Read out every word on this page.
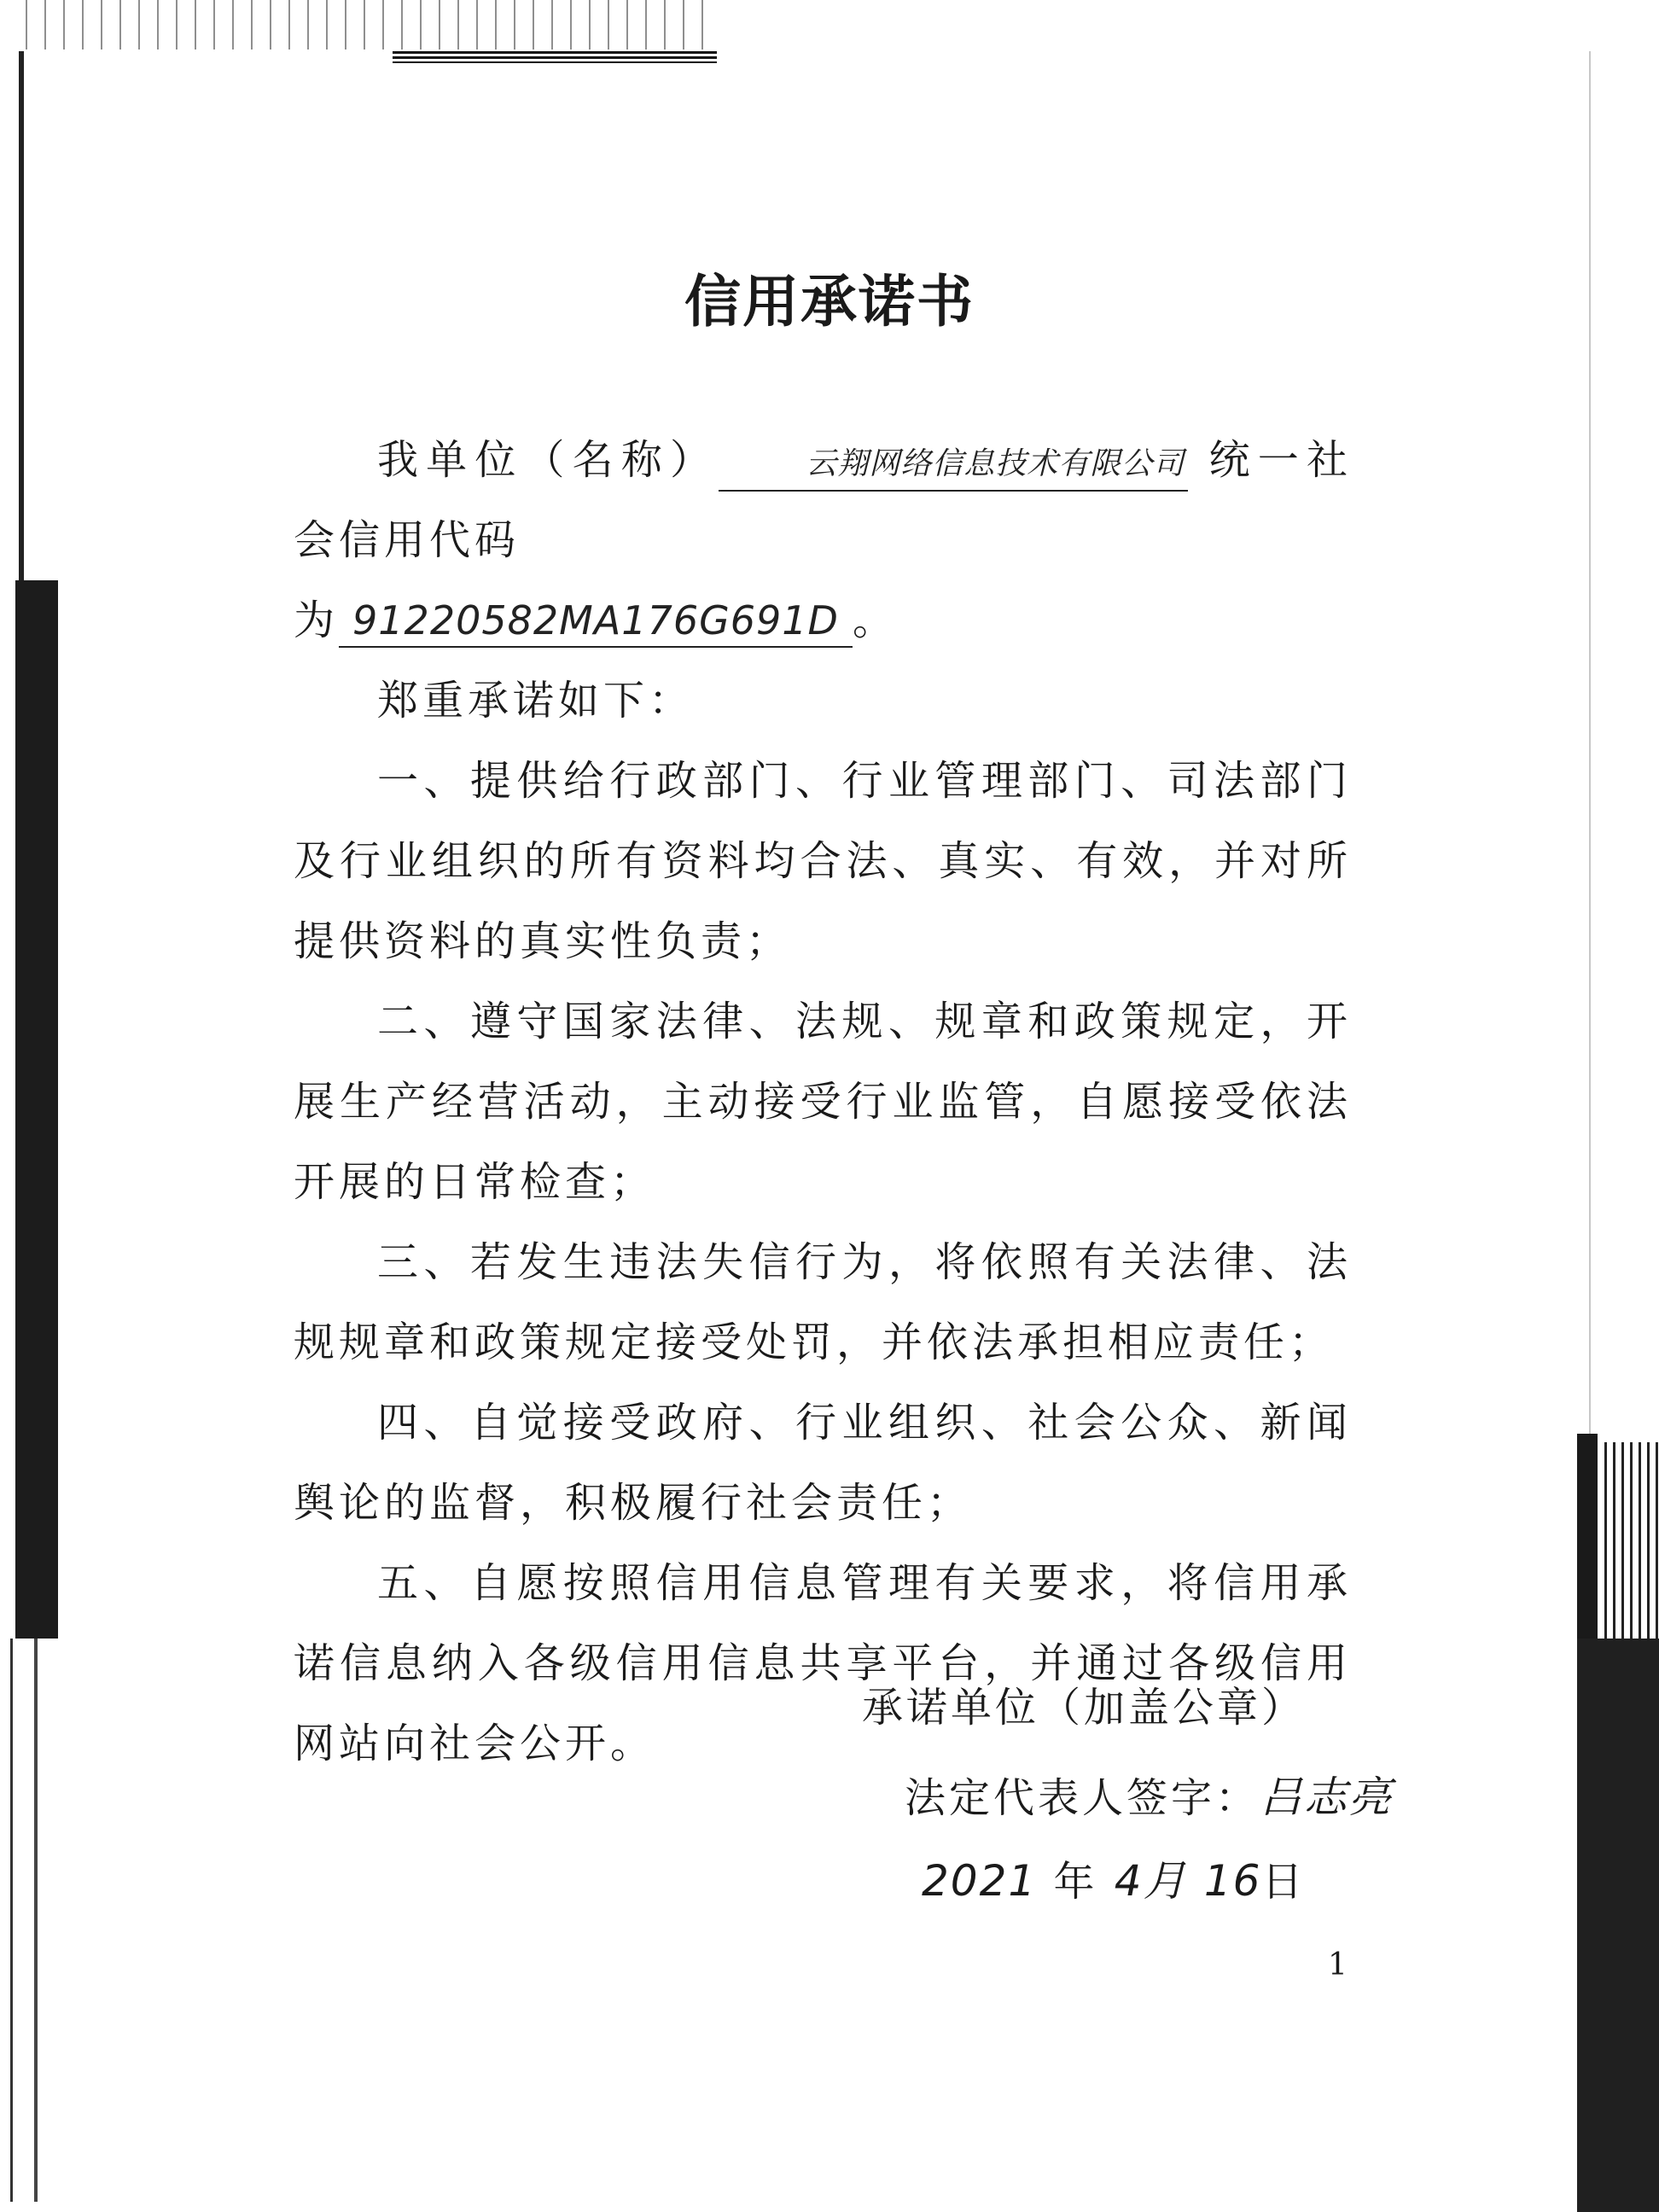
信用承诺书

我单位（名称）	云翔网络信息技术有限公司 统一社会信用代码

为 91220582MA176G691D 。

郑重承诺如下：

一、提供给行政部门、行业管理部门、司法部门及行业组织的所有资料均合法、真实、有效，并对所提供资料的真实性负责；

二、遵守国家法律、法规、规章和政策规定，开展生产经营活动，主动接受行业监管，自愿接受依法开展的日常检查；

三、若发生违法失信行为，将依照有关法律、法规规章和政策规定接受处罚，并依法承担相应责任；

四、自觉接受政府、行业组织、社会公众、新闻舆论的监督，积极履行社会责任；

五、自愿按照信用信息管理有关要求，将信用承诺信息纳入各级信用信息共享平台，并通过各级信用网站向社会公开。

承诺单位（加盖公章）
法定代表人签字：吕志亮
2021 年 4月 16日
1
